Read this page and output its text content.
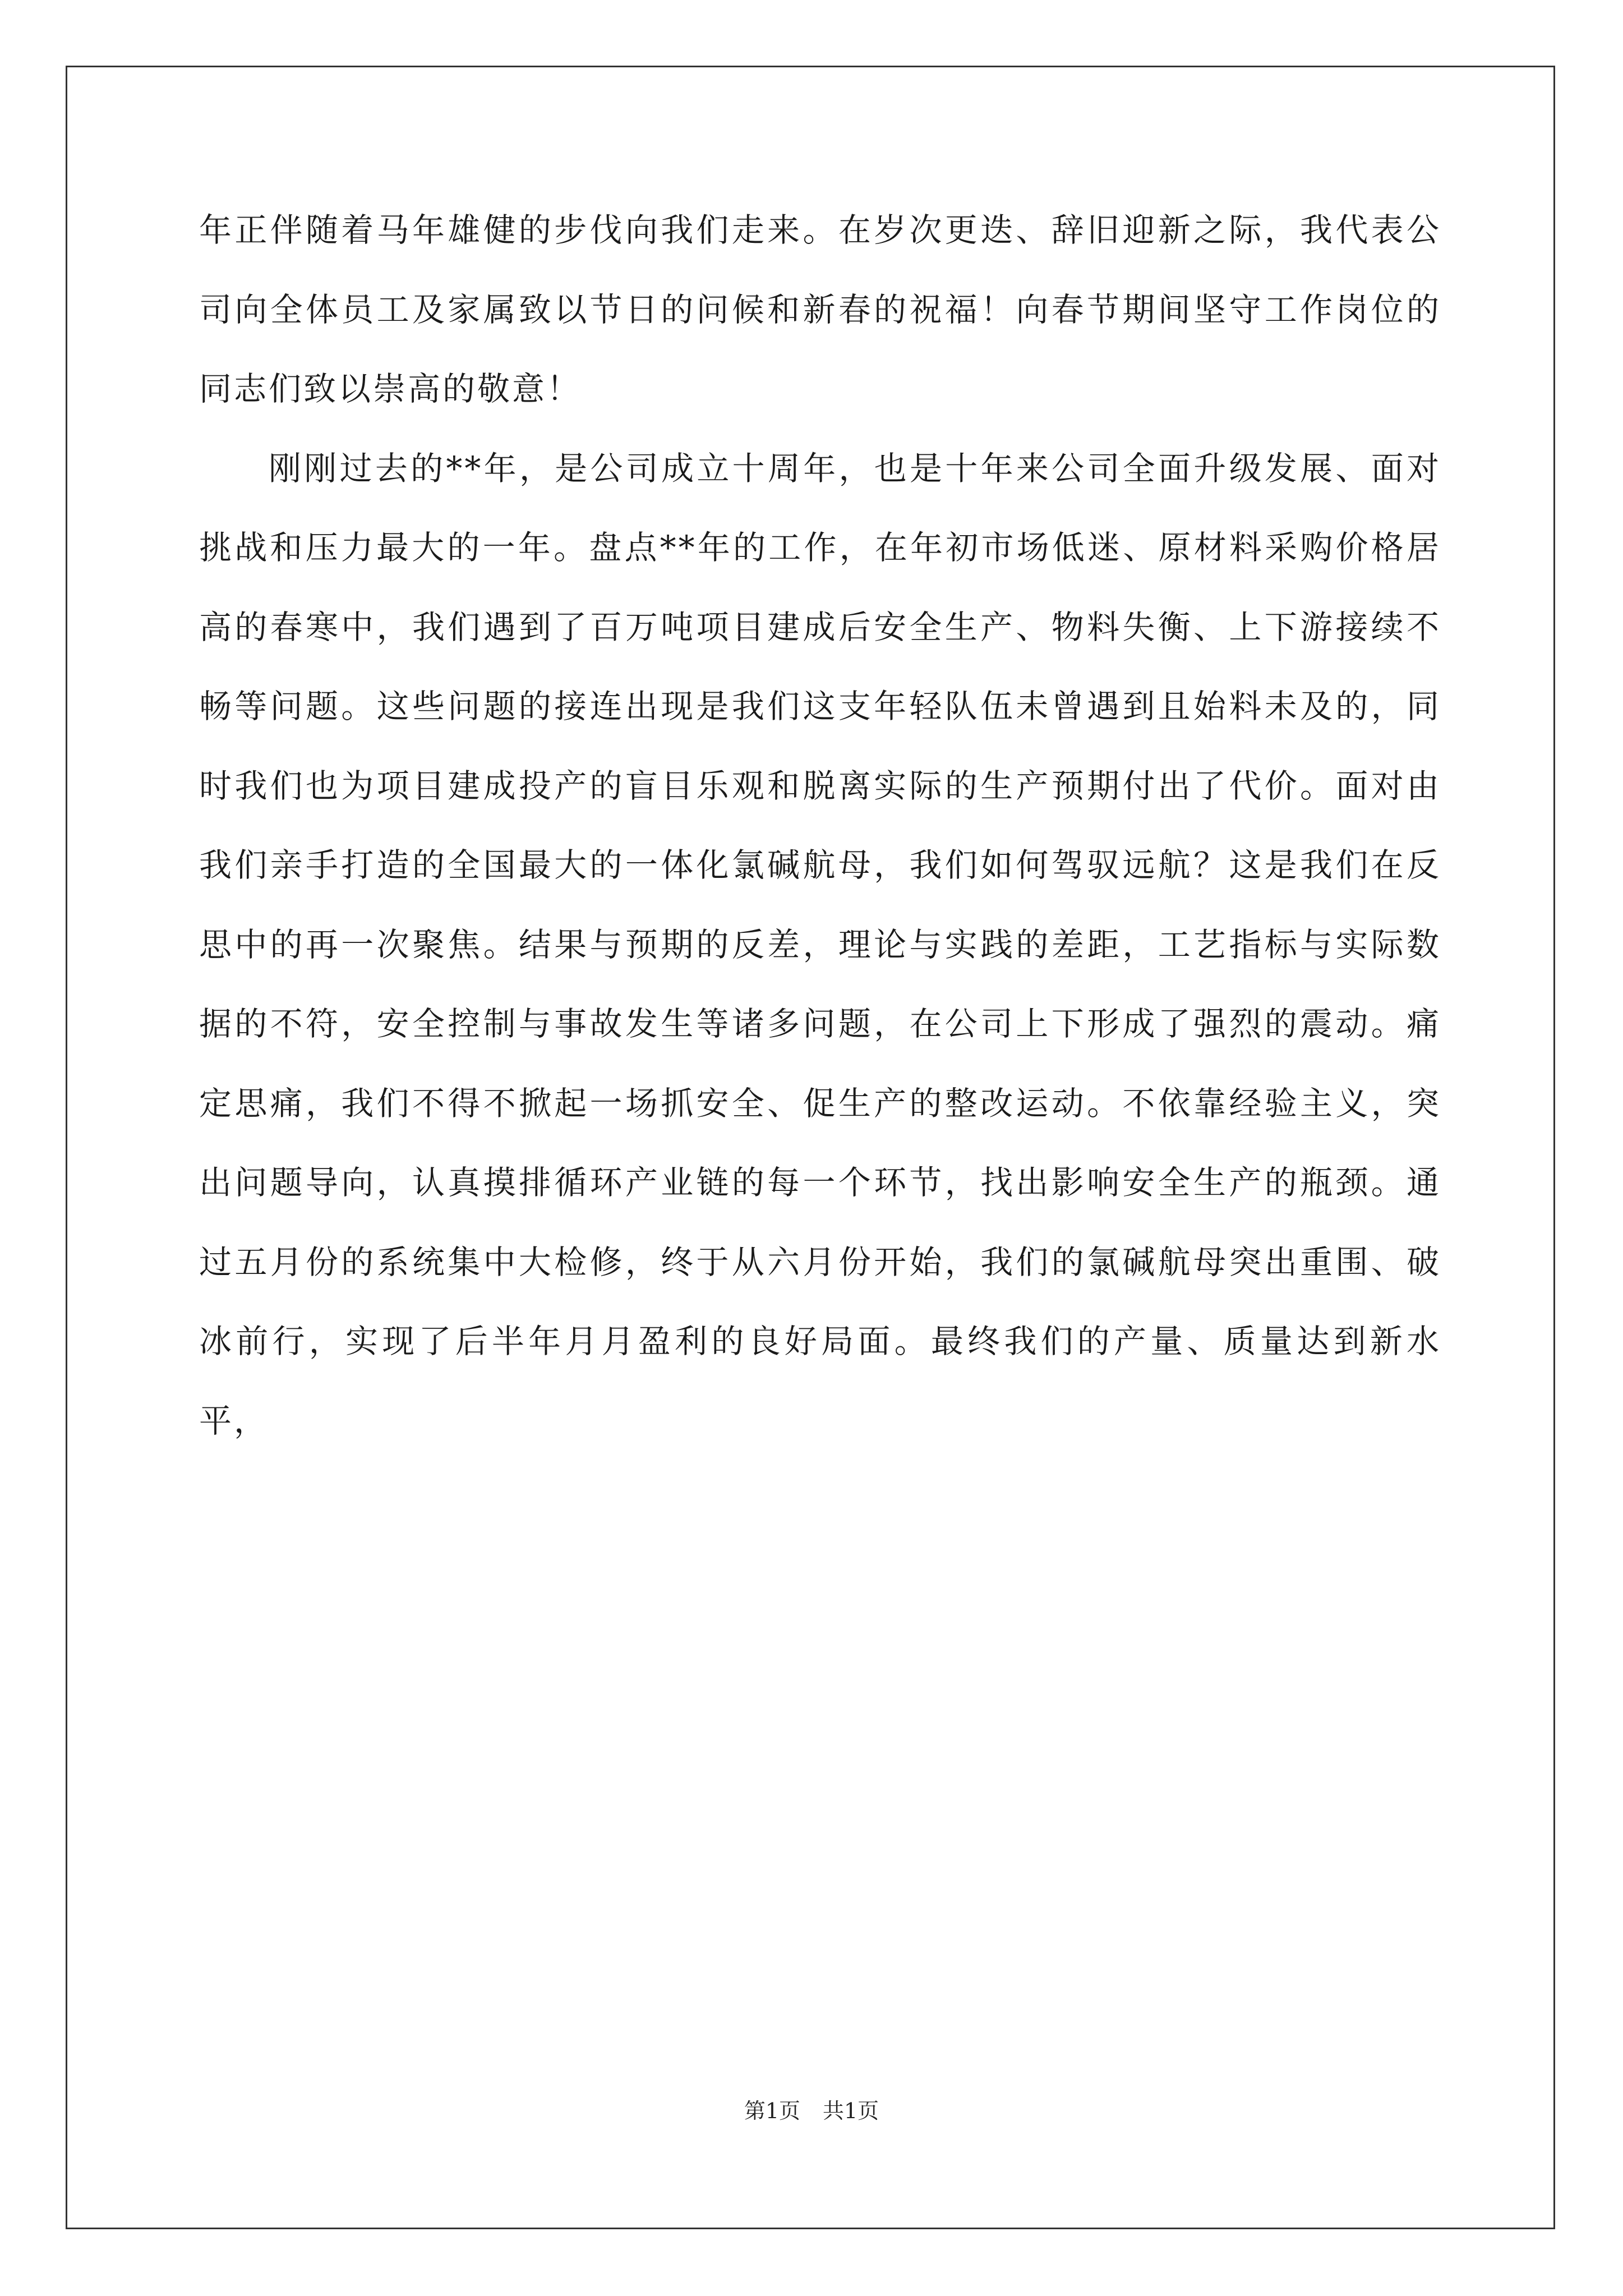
年正伴随着马年雄健的步伐向我们走来。在岁次更迭、辞旧迎新之际，我代表公司向全体员工及家属致以节日的问候和新春的祝福！向春节期间坚守工作岗位的同志们致以崇高的敬意！

刚刚过去的**年，是公司成立十周年，也是十年来公司全面升级发展、面对挑战和压力最大的一年。盘点**年的工作，在年初市场低迷、原材料采购价格居高的春寒中，我们遇到了百万吨项目建成后安全生产、物料失衡、上下游接续不畅等问题。这些问题的接连出现是我们这支年轻队伍未曾遇到且始料未及的，同时我们也为项目建成投产的盲目乐观和脱离实际的生产预期付出了代价。面对由我们亲手打造的全国最大的一体化氯碱航母，我们如何驾驭远航？这是我们在反思中的再一次聚焦。结果与预期的反差，理论与实践的差距，工艺指标与实际数据的不符，安全控制与事故发生等诸多问题，在公司上下形成了强烈的震动。痛定思痛，我们不得不掀起一场抓安全、促生产的整改运动。不依靠经验主义，突出问题导向，认真摸排循环产业链的每一个环节，找出影响安全生产的瓶颈。通过五月份的系统集中大检修，终于从六月份开始，我们的氯碱航母突出重围、破冰前行，实现了后半年月月盈利的良好局面。最终我们的产量、质量达到新水平，

第1页 共1页
